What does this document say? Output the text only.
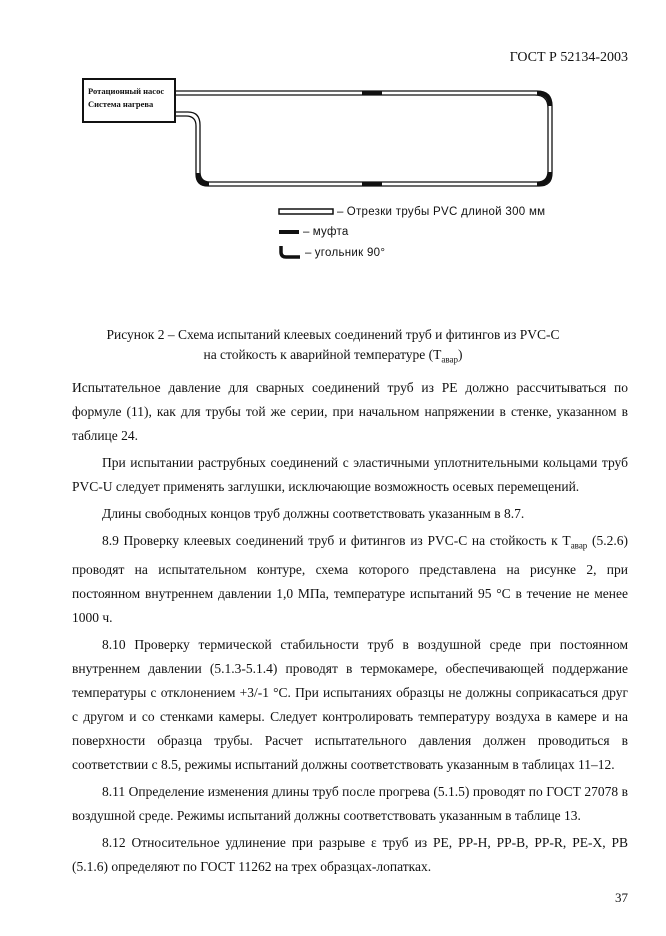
ГОСТ Р 52134-2003
Ротационный насос
Система нагрева
– Отрезки трубы PVC длиной 300 мм
– муфта
– угольник 90°
Рисунок 2 – Схема испытаний клеевых соединений труб и фитингов из PVC-C
на стойкость к аварийной температуре $(T_{авар})$

Испытательное давление для сварных соединений труб из PE должно рассчитываться по формуле (11), как для трубы той же серии, при начальном напряжении в стенке, указанном в таблице 24.

При испытании раструбных соединений с эластичными уплотнительными кольцами труб PVC-U следует применять заглушки, исключающие возможность осевых перемещений.

Длины свободных концов труб должны соответствовать указанным в 8.7.

8.9 Проверку клеевых соединений труб и фитингов из PVC-C на стойкость к $T_{авар}$ (5.2.6) проводят на испытательном контуре, схема которого представлена на рисунке 2, при постоянном внутреннем давлении 1,0 МПа, температуре испытаний 95 °С в течение не менее 1000 ч.

8.10 Проверку термической стабильности труб в воздушной среде при постоянном внутреннем давлении (5.1.3-5.1.4) проводят в термокамере, обеспечивающей поддержание температуры с отклонением +3/-1 °С. При испытаниях образцы не должны соприкасаться друг с другом и со стенками камеры. Следует контролировать температуру воздуха в камере и на поверхности образца трубы. Расчет испытательного давления должен проводиться в соответствии с 8.5, режимы испытаний должны соответствовать указанным в таблицах 11–12.

8.11 Определение изменения длины труб после прогрева (5.1.5) проводят по ГОСТ 27078 в воздушной среде. Режимы испытаний должны соответствовать указанным в таблице 13.

8.12 Относительное удлинение при разрыве ε труб из PE, PP-H, PP-B, PP-R, PE-X, PB (5.1.6) определяют по ГОСТ 11262 на трех образцах-лопатках.

37
